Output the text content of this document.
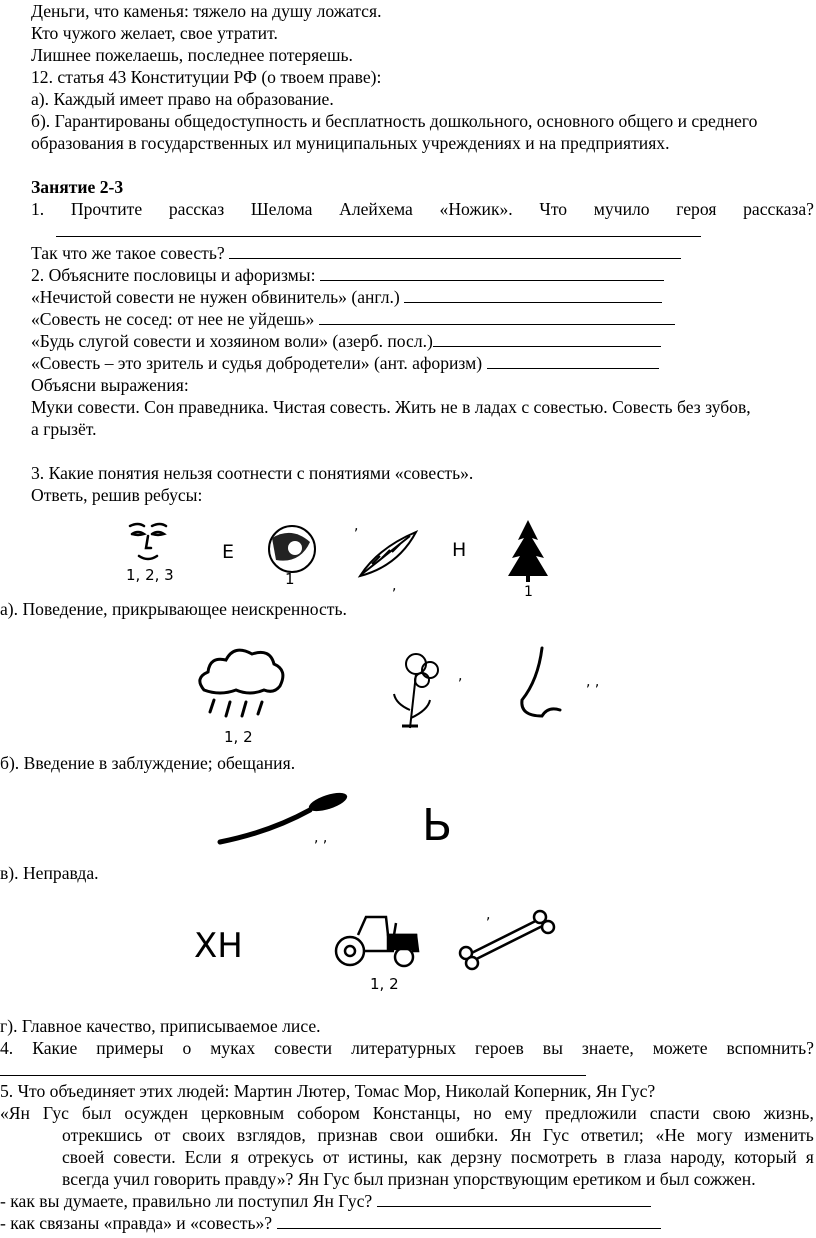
Деньги, что каменья: тяжело на душу ложатся.
Кто чужого желает, свое утратит.
Лишнее пожелаешь, последнее потеряешь.
12. статья 43 Конституции РФ (о твоем праве):
а). Каждый имеет право на образование.
б). Гарантированы общедоступность и бесплатность дошкольного, основного общего и среднего
образования в государственных ил муниципальных учреждениях и на предприятиях.
Занятие 2-3
1. Прочтите рассказ Шелома Алейхема «Ножик». Что мучило героя рассказа?
Так что же такое совесть?
2. Объясните пословицы и афоризмы:
«Нечистой совести не нужен обвинитель» (англ.)
«Совесть не сосед: от нее не уйдешь»
«Будь слугой совести и хозяином воли» (азерб. посл.)
«Совесть – это зритель и судья добродетели» (ант. афоризм)
Объясни выражения:
Муки совести. Сон праведника. Чистая совесть. Жить не в ладах с совестью. Совесть без зубов,
а грызёт.
3. Какие понятия нельзя соотнести с понятиями «совесть».
Ответь, решив ребусы:
1, 2, 3
Е
1
,
,
Н
1
а). Поведение, прикрывающее неискренность.
1, 2
,	, ,
б). Введение в заблуждение; обещания.
, , Ь
в). Неправда.
ХН
1, 2
,
г). Главное качество, приписываемое лисе.
4. Какие примеры о муках совести литературных героев вы знаете, можете вспомнить?
5. Что объединяет этих людей: Мартин Лютер, Томас Мор, Николай Коперник, Ян Гус?
«Ян Гус был осужден церковным собором Констанцы, но ему предложили спасти свою жизнь,
отрекшись от своих взглядов, признав свои ошибки. Ян Гус ответил; «Не могу изменить
своей совести. Если я отрекусь от истины, как дерзну посмотреть в глаза народу, который я
всегда учил говорить правду»? Ян Гус был признан упорствующим еретиком и был сожжен.
- как вы думаете, правильно ли поступил Ян Гус?
- как связаны «правда» и «совесть»?
